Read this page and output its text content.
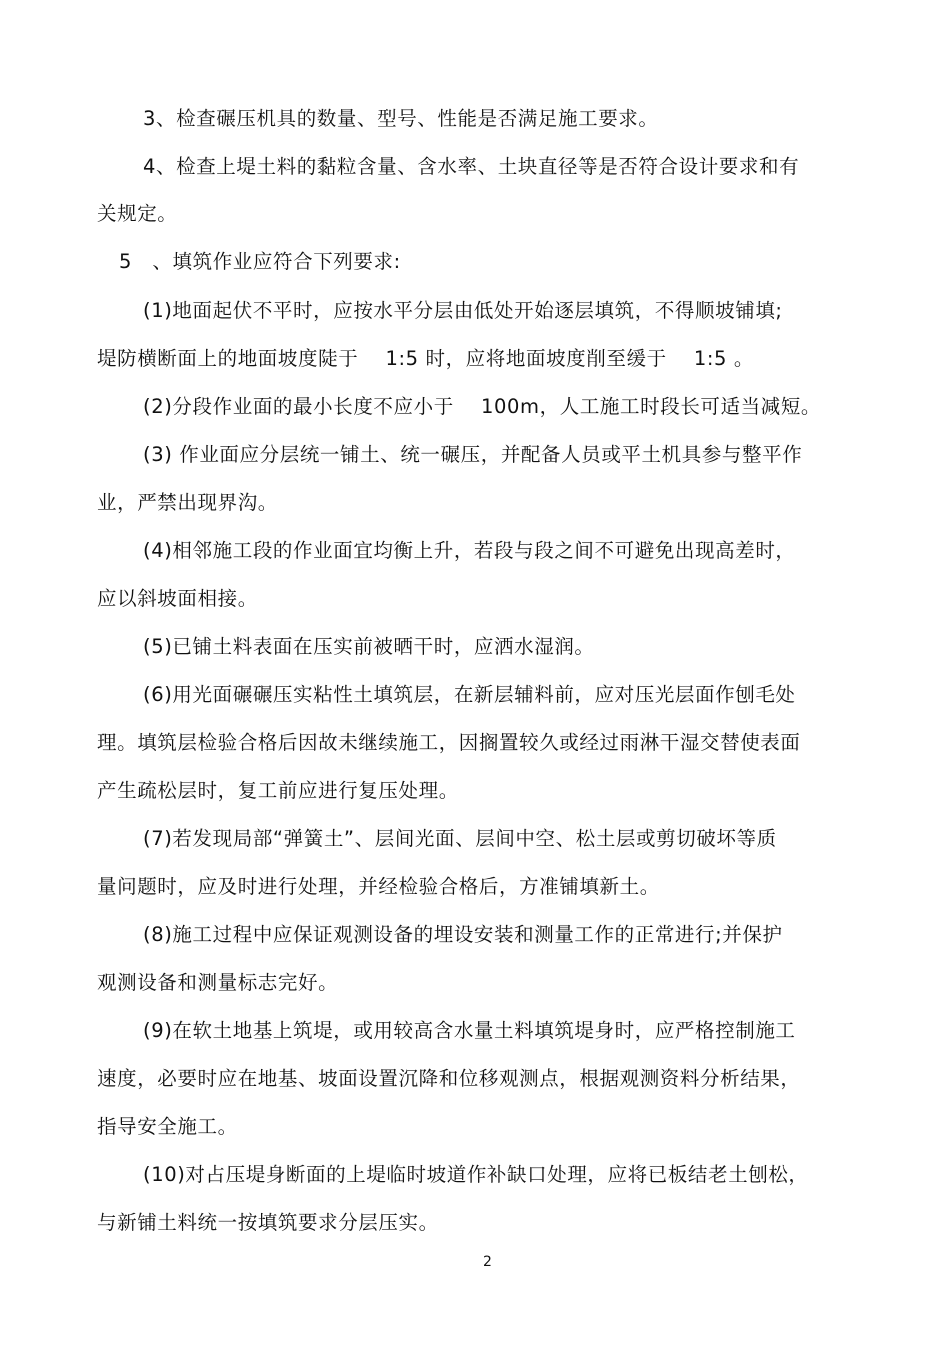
3、检查碾压机具的数量、型号、性能是否满足施工要求。
4、检查上堤土料的黏粒含量、含水率、土块直径等是否符合设计要求和有
关规定。
5   、填筑作业应符合下列要求:
(1)地面起伏不平时，应按水平分层由低处开始逐层填筑，不得顺坡铺填;
堤防横断面上的地面坡度陡于    1:5 时，应将地面坡度削至缓于    1:5 。
(2)分段作业面的最小长度不应小于    100m，人工施工时段长可适当减短。
(3) 作业面应分层统一铺土、统一碾压，并配备人员或平土机具参与整平作
业，严禁出现界沟。
(4)相邻施工段的作业面宜均衡上升，若段与段之间不可避免出现高差时，
应以斜坡面相接。
(5)已铺土料表面在压实前被晒干时，应洒水湿润。
(6)用光面碾碾压实粘性土填筑层，在新层辅料前，应对压光层面作刨毛处
理。填筑层检验合格后因故未继续施工，因搁置较久或经过雨淋干湿交替使表面
产生疏松层时，复工前应进行复压处理。
(7)若发现局部“弹簧土”、层间光面、层间中空、松土层或剪切破坏等质
量问题时，应及时进行处理，并经检验合格后，方准铺填新土。
(8)施工过程中应保证观测设备的埋设安装和测量工作的正常进行;并保护
观测设备和测量标志完好。
(9)在软土地基上筑堤，或用较高含水量土料填筑堤身时，应严格控制施工
速度，必要时应在地基、坡面设置沉降和位移观测点，根据观测资料分析结果，
指导安全施工。
(10)对占压堤身断面的上堤临时坡道作补缺口处理，应将已板结老土刨松，
与新铺土料统一按填筑要求分层压实。
2
